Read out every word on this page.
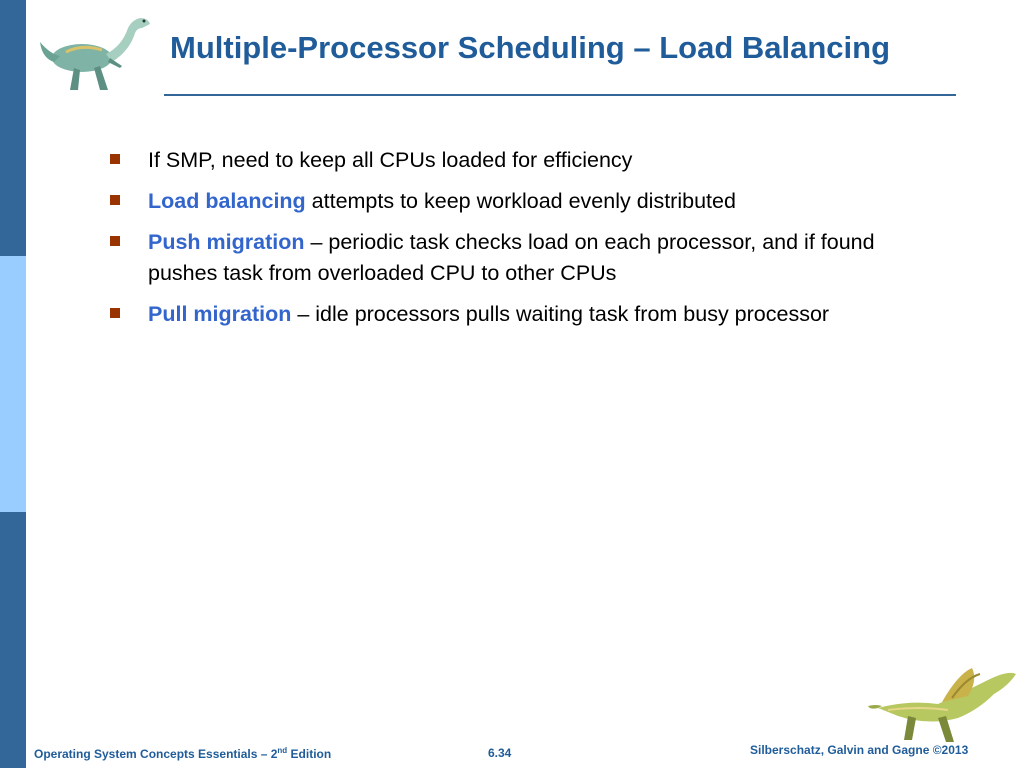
Multiple-Processor Scheduling – Load Balancing
If SMP, need to keep all CPUs loaded for efficiency
Load balancing attempts to keep workload evenly distributed
Push migration – periodic task checks load on each processor, and if found pushes task from overloaded CPU to other CPUs
Pull migration – idle processors pulls waiting task from busy processor
Operating System Concepts Essentials – 2nd Edition	6.34	Silberschatz, Galvin and Gagne ©2013
